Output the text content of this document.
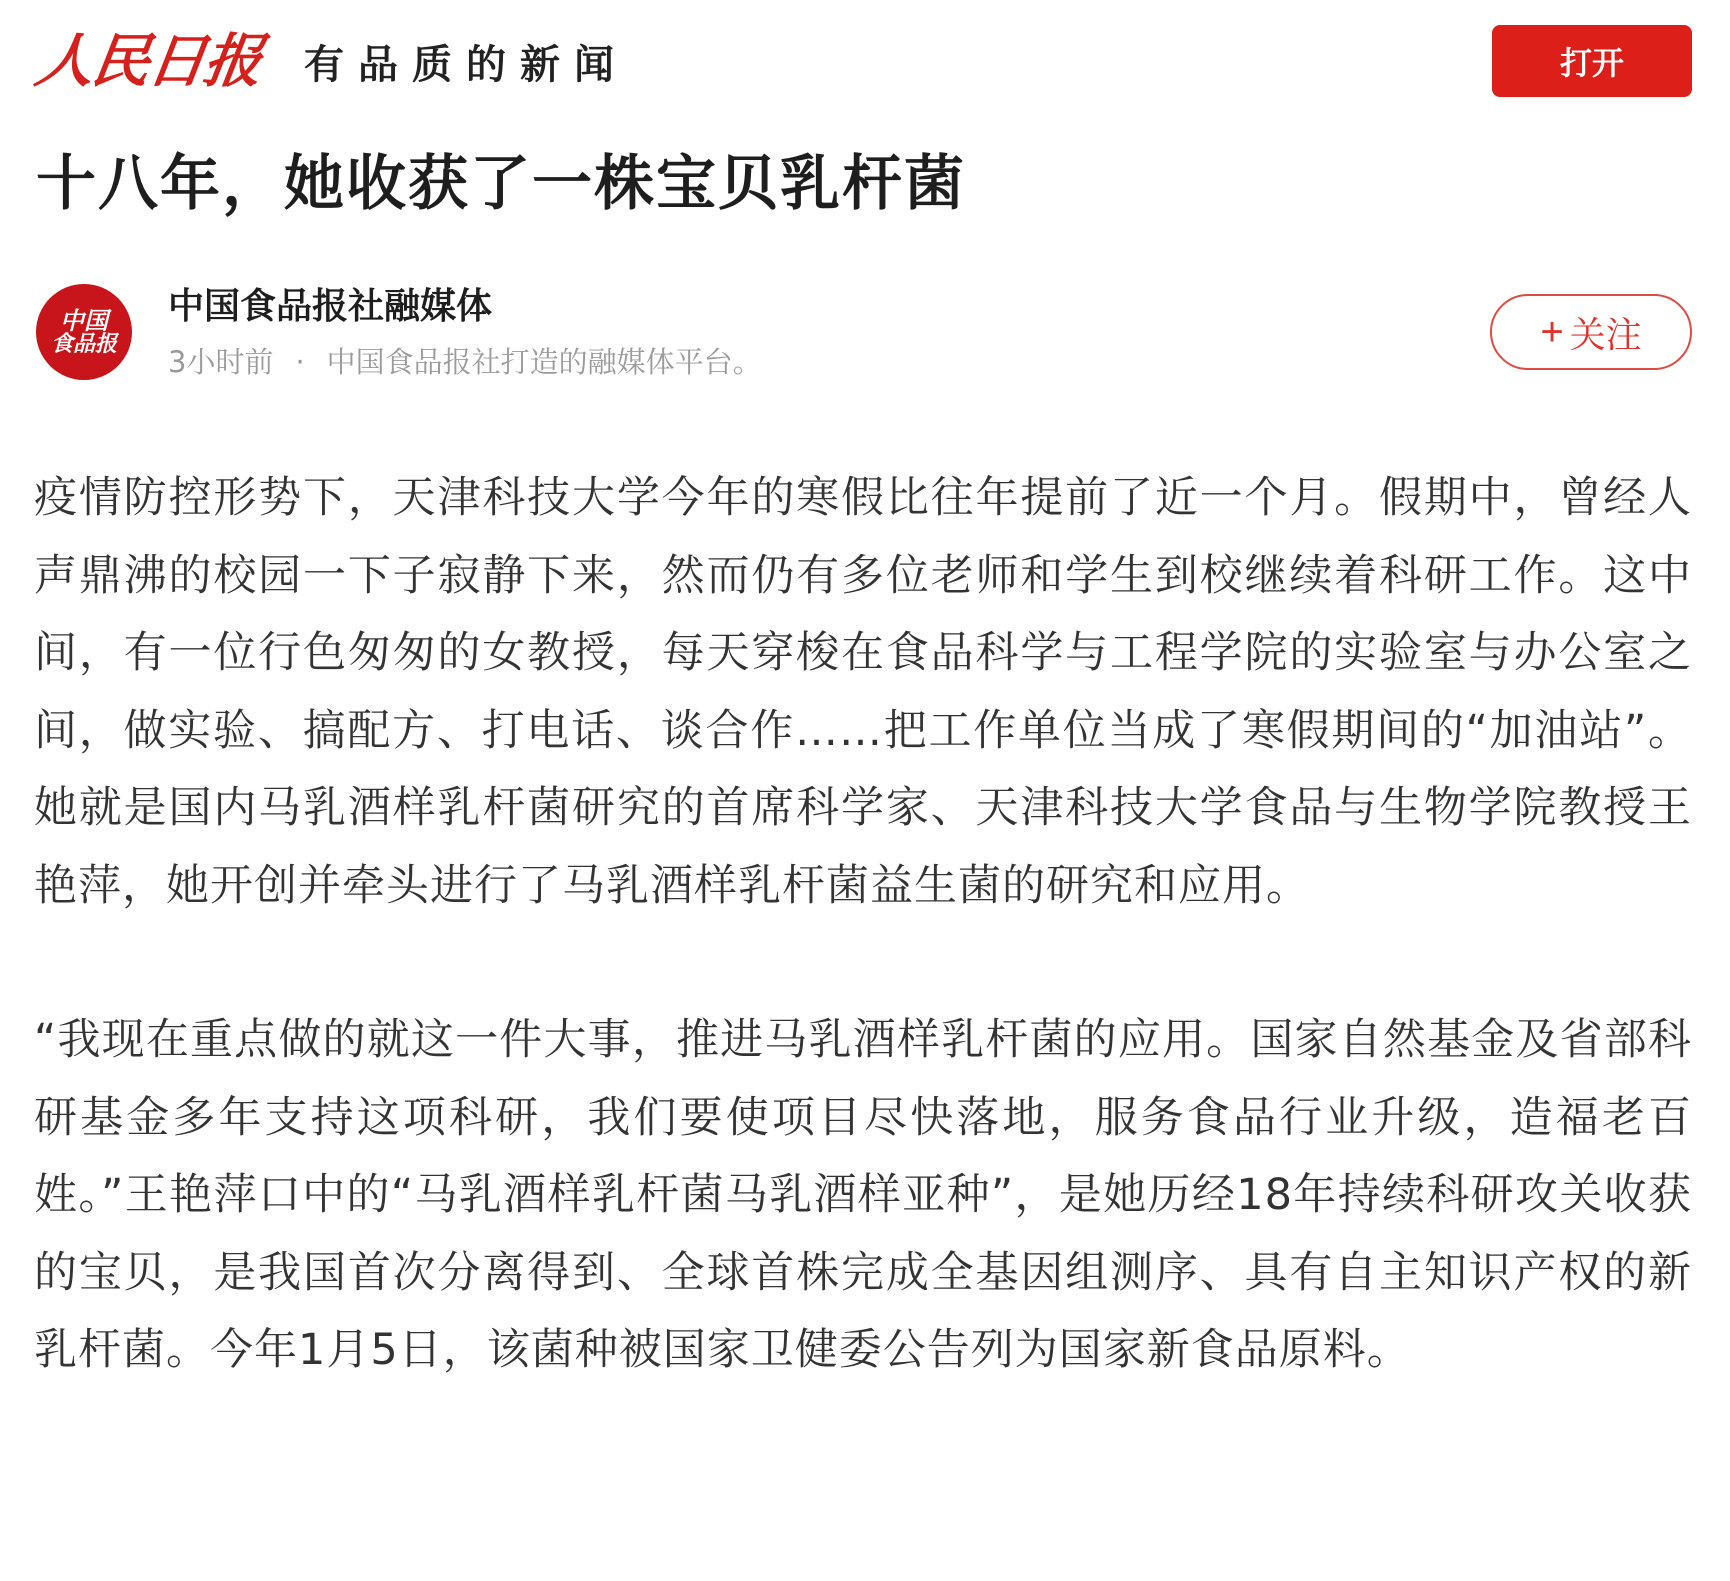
人民日报 有品质的新闻	打开
十八年，她收获了一株宝贝乳杆菌
中国
食品报
中国食品报社融媒体
3小时前 · 中国食品报社打造的融媒体平台。
+ 关注

疫情防控形势下，天津科技大学今年的寒假比往年提前了近一个月。假期中，曾经人声鼎沸的校园一下子寂静下来，然而仍有多位老师和学生到校继续着科研工作。这中间，有一位行色匆匆的女教授，每天穿梭在食品科学与工程学院的实验室与办公室之间，做实验、搞配方、打电话、谈合作……把工作单位当成了寒假期间的“加油站”。她就是国内马乳酒样乳杆菌研究的首席科学家、天津科技大学食品与生物学院教授王艳萍，她开创并牵头进行了马乳酒样乳杆菌益生菌的研究和应用。

“我现在重点做的就这一件大事，推进马乳酒样乳杆菌的应用。国家自然基金及省部科研基金多年支持这项科研，我们要使项目尽快落地，服务食品行业升级，造福老百姓。”王艳萍口中的“马乳酒样乳杆菌马乳酒样亚种”，是她历经18年持续科研攻关收获的宝贝，是我国首次分离得到、全球首株完成全基因组测序、具有自主知识产权的新乳杆菌。今年1月5日，该菌种被国家卫健委公告列为国家新食品原料。
